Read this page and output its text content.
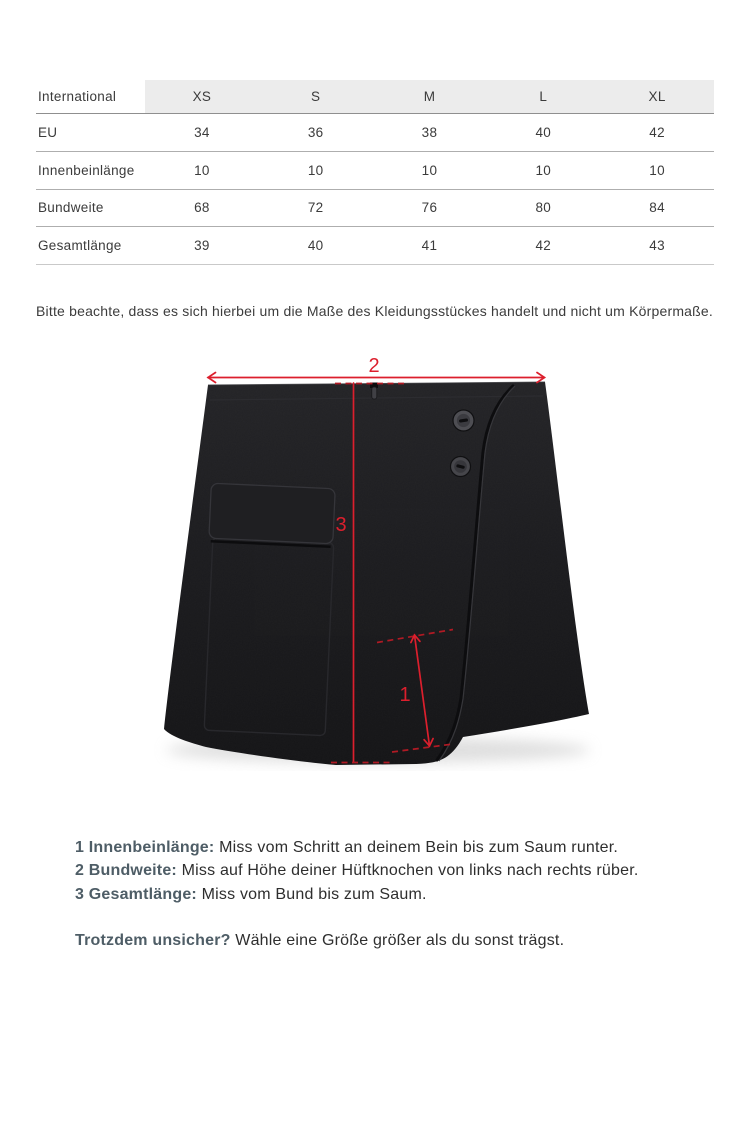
International	XS	S	M	L	XL
EU	34	36	38	40	42
Innenbeinlänge	10	10	10	10	10
Bundweite	68	72	76	80	84
Gesamtlänge	39	40	41	42	43

Bitte beachte, dass es sich hierbei um die Maße des Kleidungsstückes handelt und nicht um Körpermaße.

2
3
1
1 Innenbeinlänge: Miss vom Schritt an deinem Bein bis zum Saum runter.
2 Bundweite: Miss auf Höhe deiner Hüftknochen von links nach rechts rüber.
3 Gesamtlänge: Miss vom Bund bis zum Saum.
Trotzdem unsicher? Wähle eine Größe größer als du sonst trägst.
